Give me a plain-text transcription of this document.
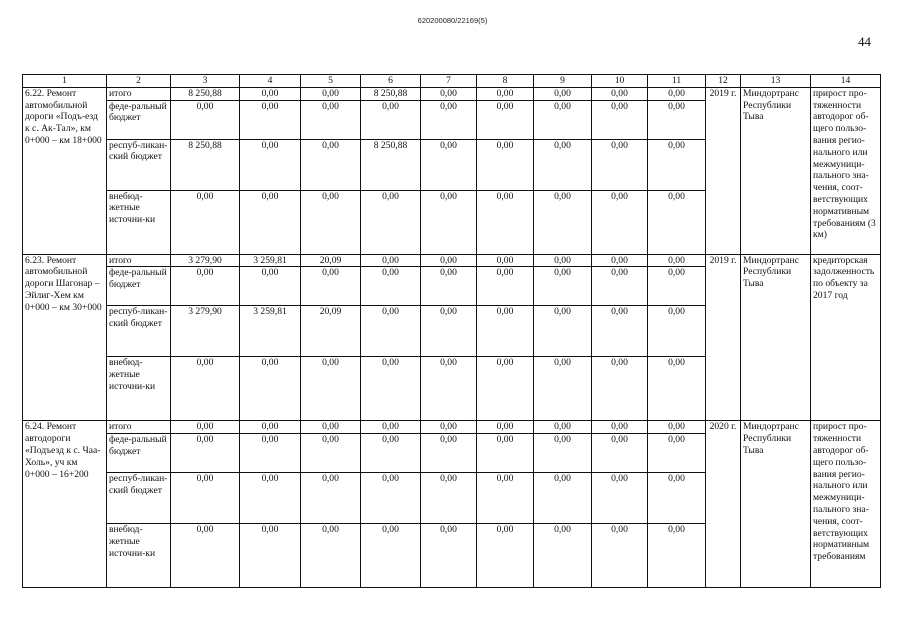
620200080/22169(5)
44
1	2	3	4	5	6	7	8	9	10	11	12	13	14
6.22. Ремонт автомобильной дороги «Подъ-езд к с. Ак-Тал», км 0+000 – км 18+000	итого	8 250,88	0,00	0,00	8 250,88	0,00	0,00	0,00	0,00	0,00	2019 г.	Миндортранс Республики Тыва	прирост про-тяженности автодорог об-щего пользо-вания регио-нального или межмуници-пального зна-чения, соот-ветствующих нормативным требованиям (3 км)
	феде-ральный бюджет	0,00	0,00	0,00	0,00	0,00	0,00	0,00	0,00	0,00			
	респуб-ликан-ский бюджет	8 250,88	0,00	0,00	8 250,88	0,00	0,00	0,00	0,00	0,00			
	внебюд-жетные источни-ки	0,00	0,00	0,00	0,00	0,00	0,00	0,00	0,00	0,00			
6.23. Ремонт автомобильной дороги Шагонар – Эйлиг-Хем км 0+000 – км 30+000	итого	3 279,90	3 259,81	20,09	0,00	0,00	0,00	0,00	0,00	0,00	2019 г.	Миндортранс Республики Тыва	кредиторская задолженность по объекту за 2017 год
	феде-ральный бюджет	0,00	0,00	0,00	0,00	0,00	0,00	0,00	0,00	0,00			
	респуб-ликан-ский бюджет	3 279,90	3 259,81	20,09	0,00	0,00	0,00	0,00	0,00	0,00			
	внебюд-жетные источни-ки	0,00	0,00	0,00	0,00	0,00	0,00	0,00	0,00	0,00			
6.24. Ремонт автодороги «Подъезд к с. Чаа-Холь», уч км 0+000 – 16+200	итого	0,00	0,00	0,00	0,00	0,00	0,00	0,00	0,00	0,00	2020 г.	Миндортранс Республики Тыва	прирост про-тяженности автодорог об-щего пользо-вания регио-нального или межмуници-пального зна-чения, соот-ветствующих нормативным требованиям
	феде-ральный бюджет	0,00	0,00	0,00	0,00	0,00	0,00	0,00	0,00	0,00			
	респуб-ликан-ский бюджет	0,00	0,00	0,00	0,00	0,00	0,00	0,00	0,00	0,00			
	внебюд-жетные источни-ки	0,00	0,00	0,00	0,00	0,00	0,00	0,00	0,00	0,00			
